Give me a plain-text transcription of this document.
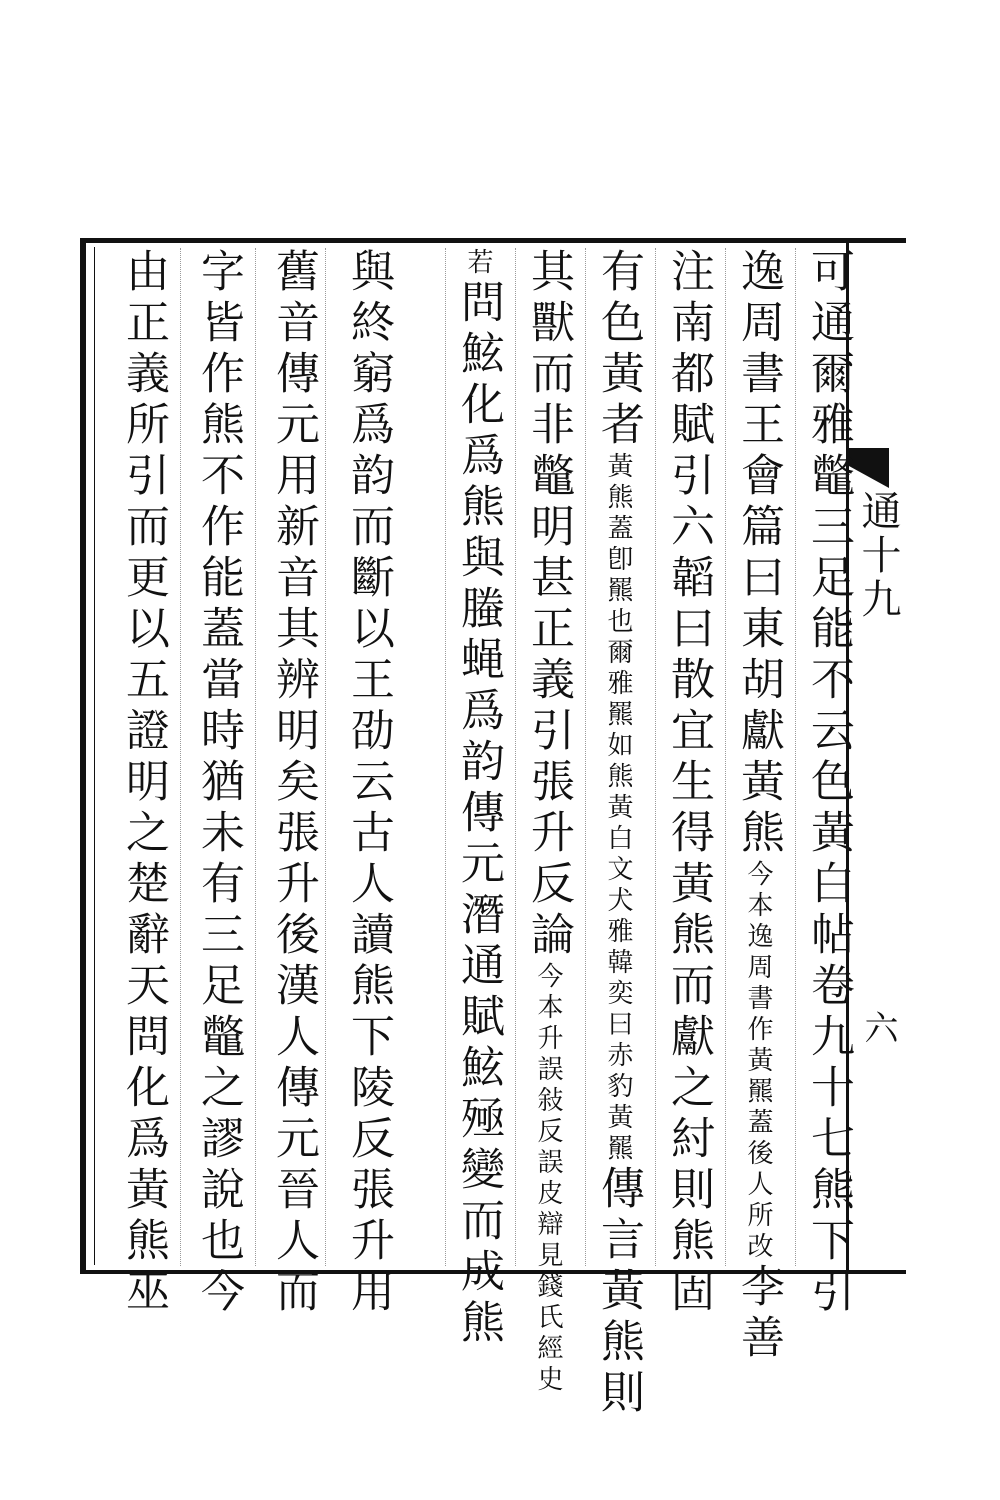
通十九
六
可通爾雅鼈三足能不云色黃白帖卷九十七熊下引
逸周書王會篇曰東胡獻黃熊今本逸周書作黃羆蓋後人所改李善
注南都賦引六韜曰散宜生得黃熊而獻之紂則熊固
有色黃者黃熊蓋卽羆也爾雅羆如熊黃白文犬雅韓奕曰赤豹黃羆傳言黃熊則
其獸而非鼈明甚正義引張升反論今本升誤敍反誤皮辯見錢氏經史
若問鮌化爲熊與螣蝇爲韵傳元潛通賦鮌殛變而成熊
與終窮爲韵而斷以王劭云古人讀熊下陵反張升用
舊音傳元用新音其辨明矣張升後漢人傳元晉人而
字皆作熊不作能蓋當時猶未有三足鼈之謬說也今
由正義所引而更以五證明之楚辭天問化爲黃熊巫
